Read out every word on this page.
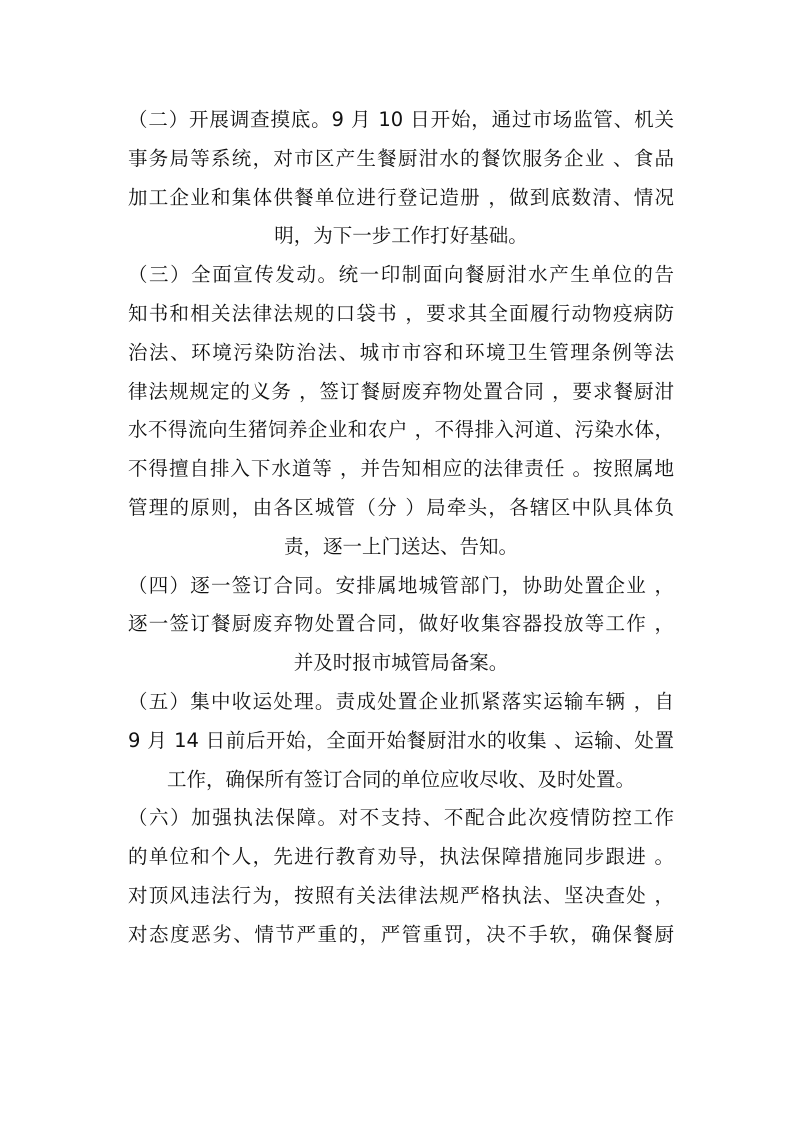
（二）开展调查摸底。9 月 10 日开始，通过市场监管、机关
事务局等系统，对市区产生餐厨泔水的餐饮服务企业 、食品
加工企业和集体供餐单位进行登记造册 ，做到底数清、情况
明，为下一步工作打好基础。
（三）全面宣传发动。统一印制面向餐厨泔水产生单位的告
知书和相关法律法规的口袋书 ，要求其全面履行动物疫病防
治法、环境污染防治法、城市市容和环境卫生管理条例等法
律法规规定的义务 ，签订餐厨废弃物处置合同 ，要求餐厨泔
水不得流向生猪饲养企业和农户 ，不得排入河道、污染水体，
不得擅自排入下水道等 ，并告知相应的法律责任 。按照属地
管理的原则，由各区城管（分 ）局牵头，各辖区中队具体负
责，逐一上门送达、告知。
（四）逐一签订合同。安排属地城管部门，协助处置企业 ，
逐一签订餐厨废弃物处置合同，做好收集容器投放等工作 ，
并及时报市城管局备案。
（五）集中收运处理。责成处置企业抓紧落实运输车辆 ，自
9 月 14 日前后开始，全面开始餐厨泔水的收集 、运输、处置
工作，确保所有签订合同的单位应收尽收、及时处置。
（六）加强执法保障。对不支持、不配合此次疫情防控工作
的单位和个人，先进行教育劝导，执法保障措施同步跟进 。
对顶风违法行为，按照有关法律法规严格执法、坚决查处 ，
对态度恶劣、情节严重的，严管重罚，决不手软，确保餐厨
